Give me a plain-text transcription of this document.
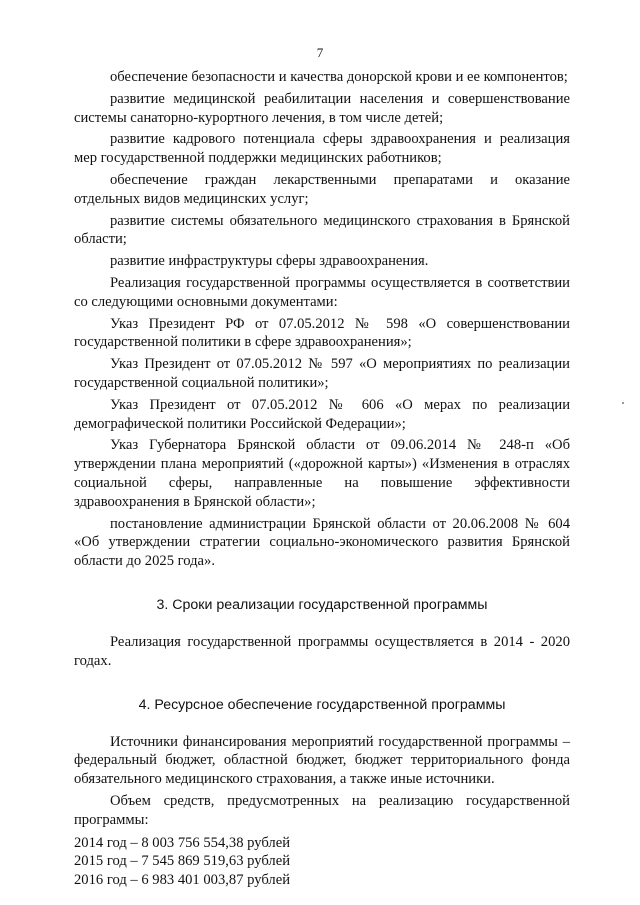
7

обеспечение безопасности и качества донорской крови и ее компонентов;

развитие медицинской реабилитации населения и совершенствование системы санаторно-курортного лечения, в том числе детей;

развитие кадрового потенциала сферы здравоохранения и реализация мер государственной поддержки медицинских работников;

обеспечение граждан лекарственными препаратами и оказание отдельных видов медицинских услуг;

развитие системы обязательного медицинского страхования в Брянской области;

развитие инфраструктуры сферы здравоохранения.

Реализация государственной программы осуществляется в соответствии со следующими основными документами:

Указ Президент РФ от 07.05.2012 № 598 «О совершенствовании государственной политики в сфере здравоохранения»;

Указ Президент от 07.05.2012 № 597 «О мероприятиях по реализации государственной социальной политики»;

Указ Президент от 07.05.2012 № 606 «О мерах по реализации демографической политики Российской Федерации»;

Указ Губернатора Брянской области от 09.06.2014 № 248-п «Об утверждении плана мероприятий («дорожной карты») «Изменения в отраслях социальной сферы, направленные на повышение эффективности здравоохранения в Брянской области»;

постановление администрации Брянской области от 20.06.2008 № 604 «Об утверждении стратегии социально-экономического развития Брянской области до 2025 года».

3. Сроки реализации государственной программы

Реализация государственной программы осуществляется в 2014 - 2020 годах.

4. Ресурсное обеспечение государственной программы

Источники финансирования мероприятий государственной программы – федеральный бюджет, областной бюджет, бюджет территориального фонда обязательного медицинского страхования, а также иные источники.

Объем средств, предусмотренных на реализацию государственной программы:

2014 год – 8 003 756 554,38 рублей
2015 год – 7 545 869 519,63 рублей
2016 год – 6 983 401 003,87 рублей
